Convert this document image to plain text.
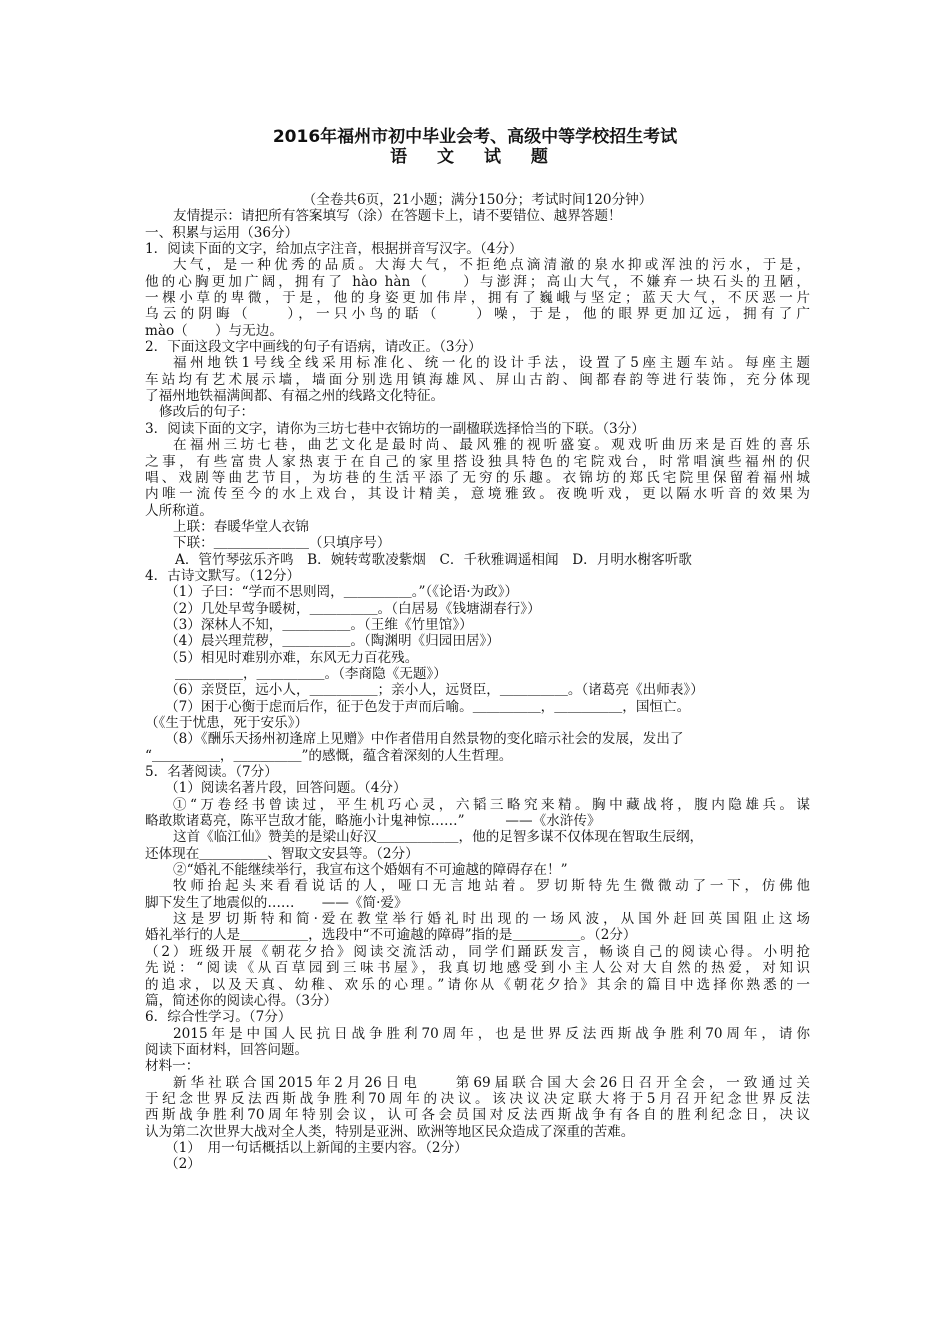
2016年福州市初中毕业会考、高级中等学校招生考试
语 文 试 题
（全卷共6页，21小题；满分150分；考试时间120分钟）
友情提示：请把所有答案填写（涂）在答题卡上，请不要错位、越界答题！
一、积累与运用（36分）
1．阅读下面的文字，给加点字注音，根据拼音写汉字。（4分）
大气，是一种优秀的品质。大海大气，不拒绝点滴清澈的泉水抑或浑浊的污水，于是，
他的心胸更加广阔，拥有了 hào hàn（　　）与澎湃；高山大气，不嫌弃一块石头的丑陋，
一棵小草的卑微，于是，他的身姿更加伟岸，拥有了巍峨与坚定；蓝天大气，不厌恶一片
乌云的阴晦（　　），一只小鸟的聒（　　）噪，于是，他的眼界更加辽远，拥有了广
mào（　　）与无边。
2．下面这段文字中画线的句子有语病，请改正。（3分）
福州地铁1号线全线采用标准化、统一化的设计手法，设置了5座主题车站。每座主题
车站均有艺术展示墙，墙面分别选用镇海雄风、屏山古韵、闽都春韵等进行装饰，充分体现
了福州地铁福满闽都、有福之州的线路文化特征。
修改后的句子：
3．阅读下面的文字，请你为三坊七巷中衣锦坊的一副楹联选择恰当的下联。（3分）
在福州三坊七巷，曲艺文化是最时尚、最风雅的视听盛宴。观戏听曲历来是百姓的喜乐
之事，有些富贵人家热衷于在自己的家里搭设独具特色的宅院戏台，时常唱演些福州的伬
唱、戏剧等曲艺节目，为坊巷的生活平添了无穷的乐趣。衣锦坊的郑氏宅院里保留着福州城
内唯一流传至今的水上戏台，其设计精美，意境雅致。夜晚听戏，更以隔水听音的效果为
人所称道。
上联：春暖华堂人衣锦
下联：＿＿＿＿＿＿＿（只填序号）
A．管竹琴弦乐齐鸣　B．婉转莺歌凌紫烟　C．千秋雅调遥相闻　D．月明水榭客听歌
4．古诗文默写。（12分）
（1）子曰：“学而不思则罔，＿＿＿＿＿。”（《论语·为政》）
（2）几处早莺争暖树，＿＿＿＿＿。（白居易《钱塘湖春行》）
（3）深林人不知，＿＿＿＿＿。（王维《竹里馆》）
（4）晨兴理荒秽，＿＿＿＿＿。（陶渊明《归园田居》）
（5）相见时难别亦难，东风无力百花残。
＿＿＿＿＿，＿＿＿＿＿。（李商隐《无题》）
（6）亲贤臣，远小人，＿＿＿＿＿；亲小人，远贤臣，＿＿＿＿＿。（诸葛亮《出师表》）
（7）困于心衡于虑而后作，征于色发于声而后喻。＿＿＿＿＿，＿＿＿＿＿，国恒亡。
（《生于忧患，死于安乐》）
（8）《酬乐天扬州初逢席上见赠》中作者借用自然景物的变化暗示社会的发展，发出了
“＿＿＿＿＿，＿＿＿＿＿”的感慨，蕴含着深刻的人生哲理。
5．名著阅读。（7分）
（1）阅读名著片段，回答问题。（4分）
①“万卷经书曾读过，平生机巧心灵，六韬三略究来精。胸中藏战将，腹内隐雄兵。谋
略敢欺诸葛亮，陈平岂敌才能，略施小计鬼神惊……”　　　——《水浒传》
这首《临江仙》赞美的是梁山好汉＿＿＿＿＿＿，他的足智多谋不仅体现在智取生辰纲，
还体现在＿＿＿＿＿、智取文安县等。（2分）
②“婚礼不能继续举行，我宣布这个婚姻有不可逾越的障碍存在！”
牧师抬起头来看看说话的人，哑口无言地站着。罗切斯特先生微微动了一下，仿佛他
脚下发生了地震似的……　　——《简·爱》
这是罗切斯特和简·爱在教堂举行婚礼时出现的一场风波，从国外赶回英国阻止这场
婚礼举行的人是＿＿＿＿＿，选段中“不可逾越的障碍”指的是＿＿＿＿＿。（2分）
（2）班级开展《朝花夕拾》阅读交流活动，同学们踊跃发言，畅谈自己的阅读心得。小明抢
先说：“阅读《从百草园到三味书屋》，我真切地感受到小主人公对大自然的热爱，对知识
的追求，以及天真、幼稚、欢乐的心理。”请你从《朝花夕拾》其余的篇目中选择你熟悉的一
篇，简述你的阅读心得。（3分）
6．综合性学习。（7分）
2015年是中国人民抗日战争胜利70周年，也是世界反法西斯战争胜利70周年，请你
阅读下面材料，回答问题。
材料一：
新华社联合国2015年2月26日电　　第69届联合国大会26日召开全会，一致通过关
于纪念世界反法西斯战争胜利70周年的决议。该决议决定联大将于5月召开纪念世界反法
西斯战争胜利70周年特别会议，认可各会员国对反法西斯战争有各自的胜利纪念日，决议
认为第二次世界大战对全人类，特别是亚洲、欧洲等地区民众造成了深重的苦难。
（1）　用一句话概括以上新闻的主要内容。（2分）
（2）
